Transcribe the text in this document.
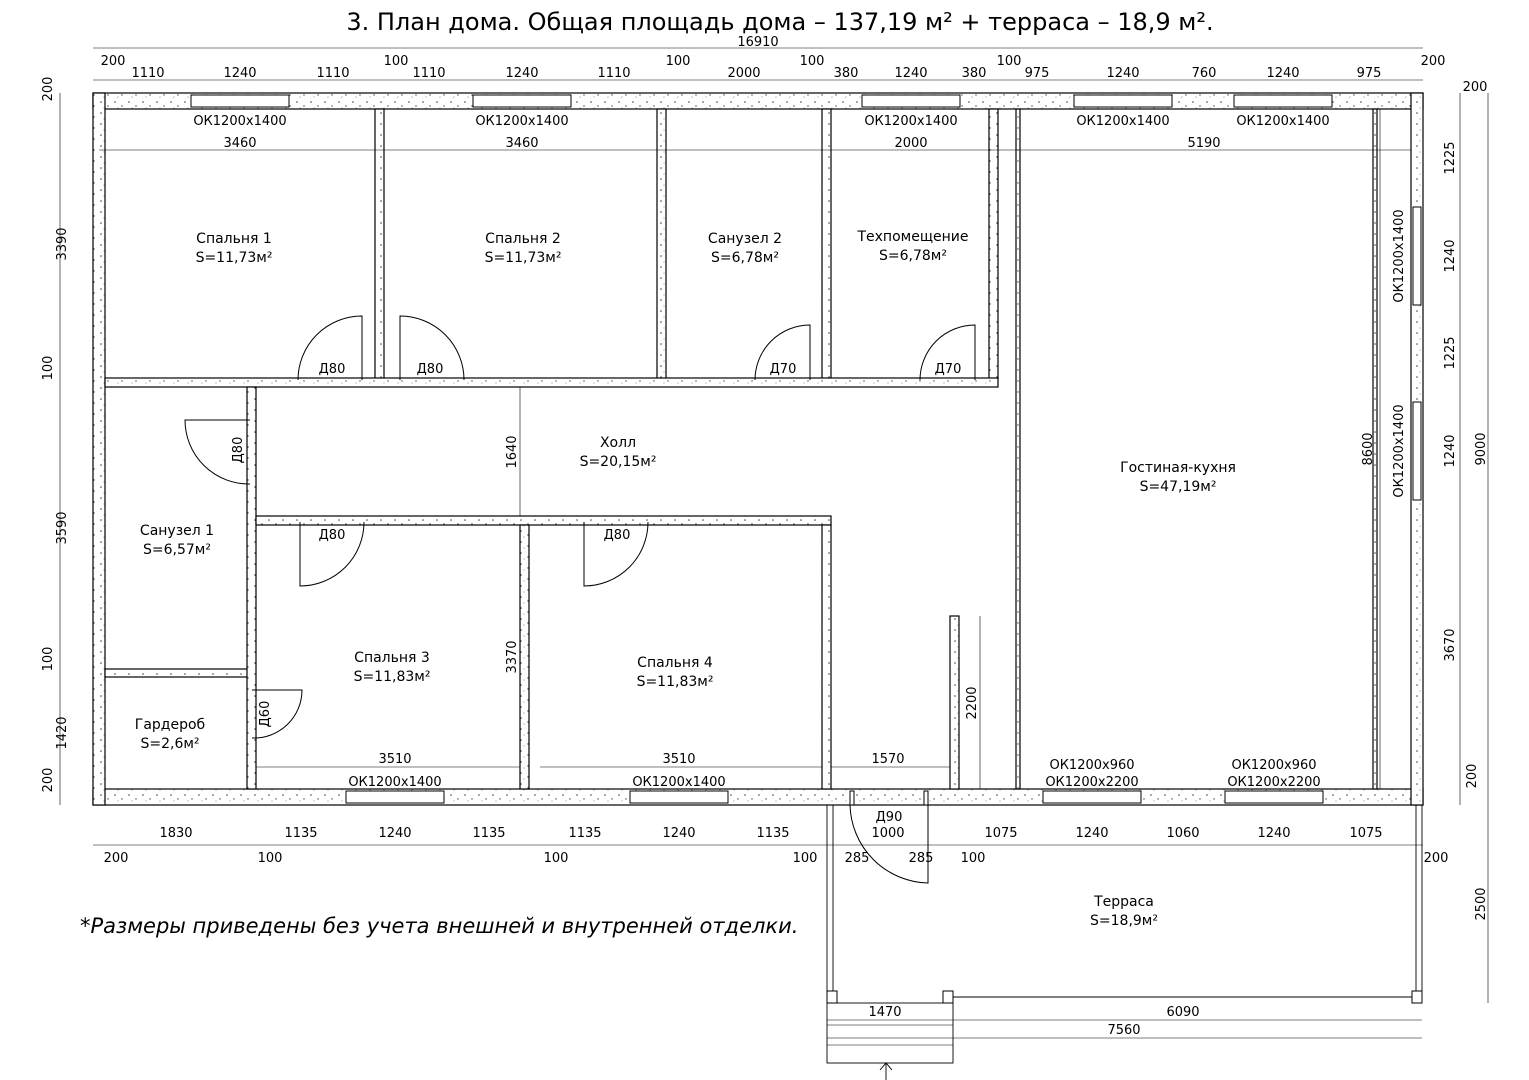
3. План дома. Общая площадь дома – 137,19 м² + терраса – 18,9 м².
Спальня 1
S=11,73м²
Спальня 2
S=11,73м²
Санузел 2
S=6,78м²
Техпомещение
S=6,78м²
Холл
S=20,15м²	Гостиная-кухня
S=47,19м²
Санузел 1
S=6,57м²
Спальня 3
S=11,83м²
Спальня 4
S=11,83м²
Гардероб
S=2,6м²
Терраса
S=18,9м²
ОК1200х1400	ОК1200х1400	ОК1200х1400	ОК1200х1400	ОК1200х1400
ОК1200х1400	ОК1200х1400
ОК1200х960
ОК1200х2200
ОК1200х960
ОК1200х2200
ОК1200х1400
ОК1200х1400
Д80	Д80	Д70	Д70
Д80	Д80
Д90
Д80
Д60
16910
200
1110	1240	1110
100
1110	1240	1110
100
2000
100
380	1240	380
100
975	1240	760	1240	975
200
3460	3460	2000	5190
200
3390
100
3590
100
1420
200
1225
1240
1225
1240
3670
200
9000
2500
200
1830	1135	1240	1135	1135	1240	1135
285
1000
285
1075	1240	1060	1240	1075
200	100	100	100	100	200
1640
3370
2200
8600
3510	3510	1570
1470	6090
7560
*Размеры приведены без учета внешней и внутренней отделки.
